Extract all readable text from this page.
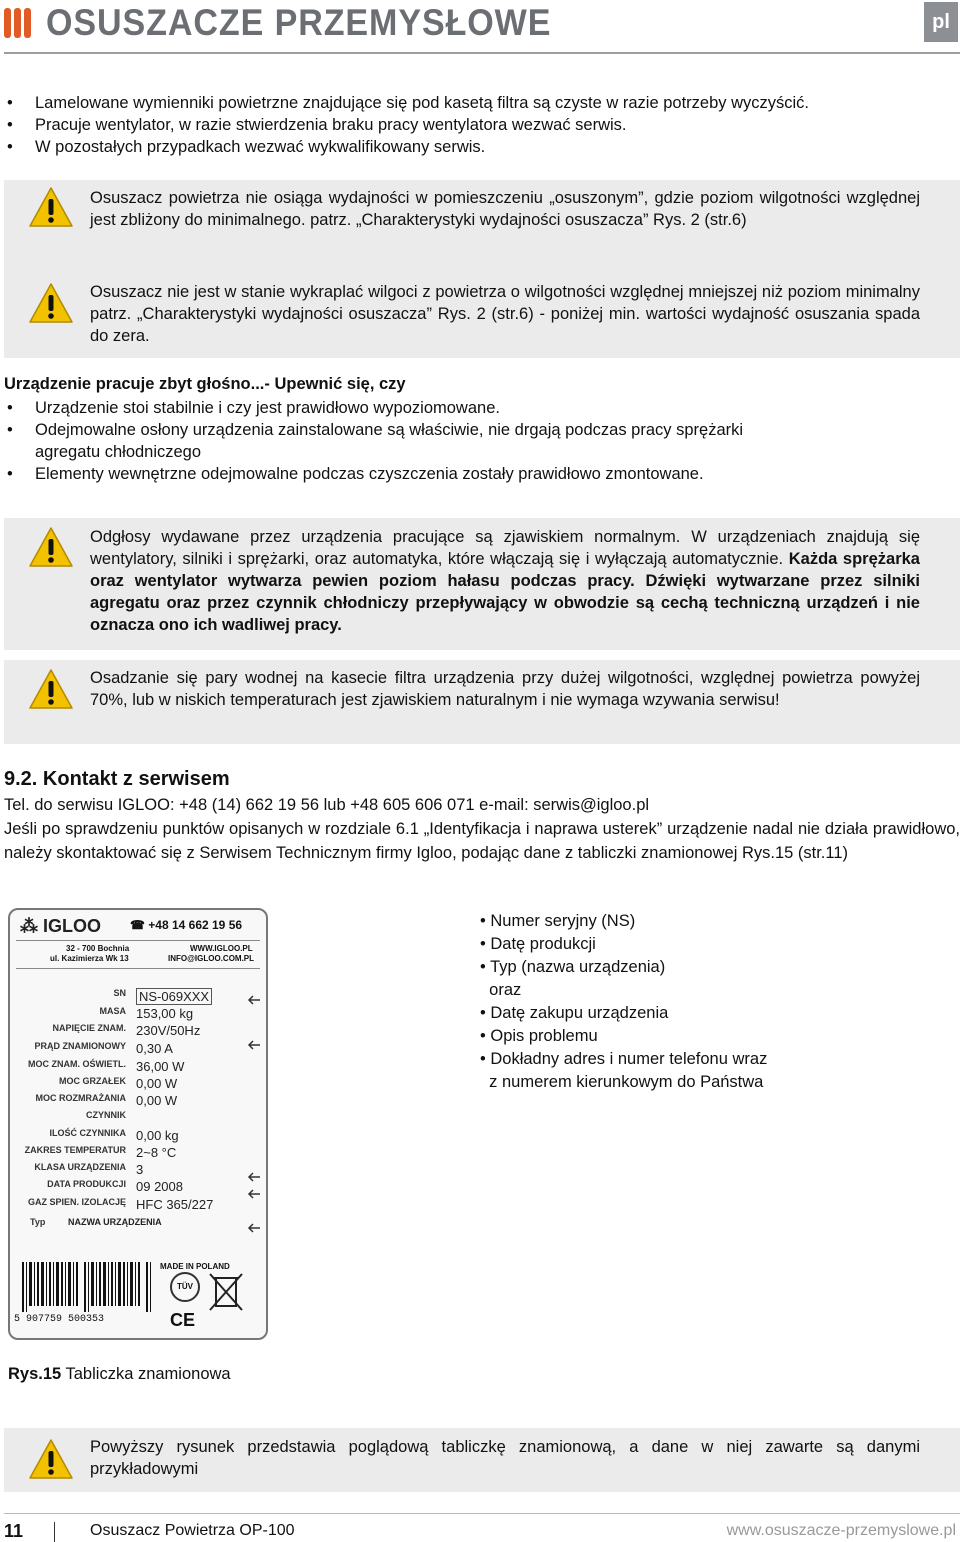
OSUSZACZE PRZEMYSŁOWE	pl
• Lamelowane wymienniki powietrzne znajdujące się pod kasetą filtra są czyste w razie potrzeby wyczyścić.
• Pracuje wentylator, w razie stwierdzenia braku pracy wentylatora wezwać serwis.
• W pozostałych przypadkach wezwać wykwalifikowany serwis.

Osuszacz powietrza nie osiąga wydajności w pomieszczeniu „osuszonym”, gdzie poziom wilgotności względnej jest zbliżony do minimalnego. patrz. „Charakterystyki wydajności osuszacza” Rys. 2 (str.6)

Osuszacz nie jest w stanie wykraplać wilgoci z powietrza o wilgotności względnej mniejszej niż poziom minimalny patrz. „Charakterystyki wydajności osuszacza” Rys. 2 (str.6) - poniżej min. wartości wydajność osuszania spada do zera.

Urządzenie pracuje zbyt głośno...- Upewnić się, czy
• Urządzenie stoi stabilnie i czy jest prawidłowo wypoziomowane.
• Odejmowalne osłony urządzenia zainstalowane są właściwie, nie drgają podczas pracy sprężarki agregatu chłodniczego
• Elementy wewnętrzne odejmowalne podczas czyszczenia zostały prawidłowo zmontowane.

Odgłosy wydawane przez urządzenia pracujące są zjawiskiem normalnym. W urządzeniach znajdują się wentylatory, silniki i sprężarki, oraz automatyka, które włączają się i wyłączają automatycznie. Każda sprężarka oraz wentylator wytwarza pewien poziom hałasu podczas pracy. Dźwięki wytwarzane przez silniki agregatu oraz przez czynnik chłodniczy przepływający w obwodzie są cechą techniczną urządzeń i nie oznacza ono ich wadliwej pracy.

Osadzanie się pary wodnej na kasecie filtra urządzenia przy dużej wilgotności, względnej powietrza powyżej 70%, lub w niskich temperaturach jest zjawiskiem naturalnym i nie wymaga wzywania serwisu!

9.2. Kontakt z serwisem
Tel. do serwisu IGLOO: +48 (14) 662 19 56 lub +48 605 606 071 e-mail: serwis@igloo.pl
Jeśli po sprawdzeniu punktów opisanych w rozdziale 6.1 „Identyfikacja i naprawa usterek” urządzenie nadal nie działa prawidłowo, należy skontaktować się z Serwisem Technicznym firmy Igloo, podając dane z tabliczki znamionowej Rys.15 (str.11)
⁂ IGLOO ☎ +48 14 662 19 56
32 - 700 Bochnia
ul. Kazimierza Wk 13
WWW.IGLOO.PL
INFO@IGLOO.COM.PL
SN NS-069XXX
MASA 153,00 kg
NAPIĘCIE ZNAM. 230V/50Hz
PRĄD ZNAMIONOWY 0,30 A
MOC ZNAM. OŚWIETL. 36,00 W
MOC GRZAŁEK 0,00 W
MOC ROZMRAŻANIA 0,00 W
CZYNNIK
ILOŚĆ CZYNNIKA 0,00 kg
ZAKRES TEMPERATUR 2~8 °C
KLASA URZĄDZENIA 3
DATA PRODUKCJI 09 2008
GAZ SPIEN. IZOLACJĘ HFC 365/227
Typ	NAZWA URZĄDZENIA
5 907759 500353
MADE IN POLAND
TÜV
CE
• Numer seryjny (NS)
• Datę produkcji
• Typ (nazwa urządzenia)
oraz
• Datę zakupu urządzenia
• Opis problemu
• Dokładny adres i numer telefonu wraz
z numerem kierunkowym do Państwa
Rys.15 Tabliczka znamionowa

Powyższy rysunek przedstawia poglądową tabliczkę znamionową, a dane w niej zawarte są danymi przykładowymi

11	Osuszacz Powietrza OP-100	www.osuszacze-przemyslowe.pl
